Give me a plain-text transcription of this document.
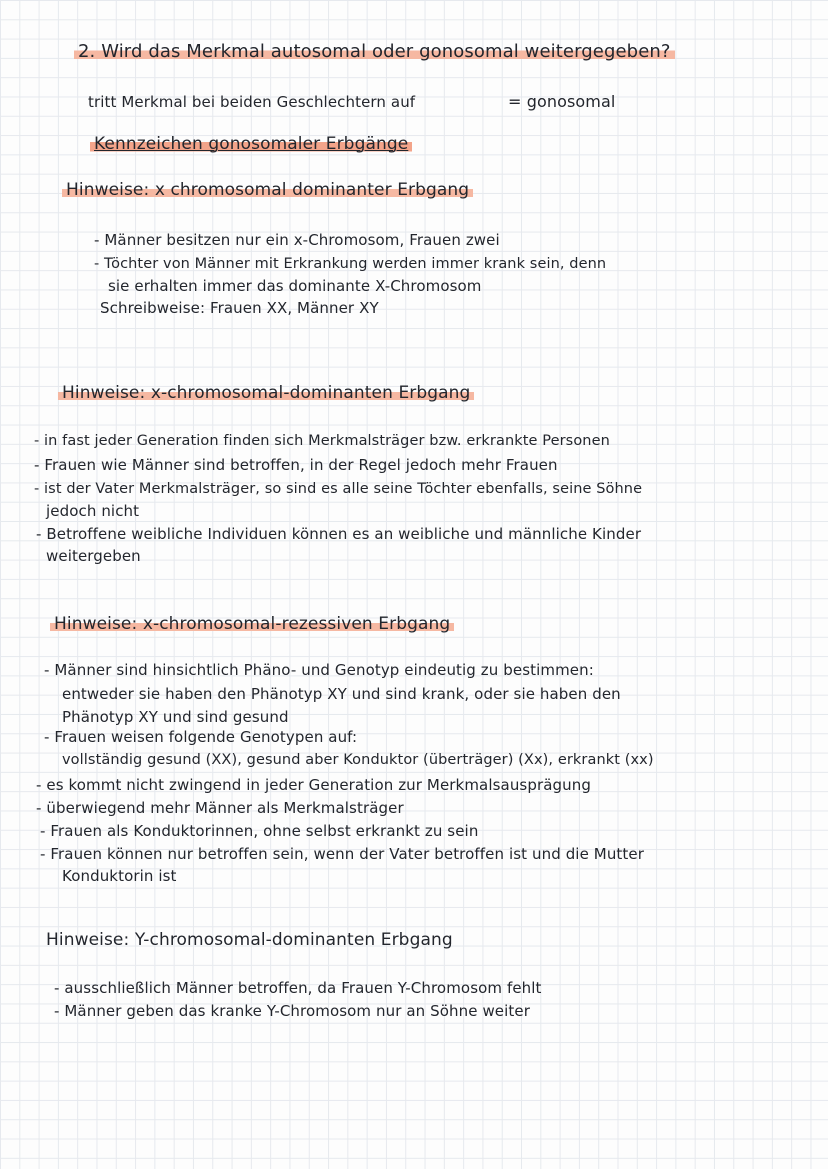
2. Wird das Merkmal autosomal oder gonosomal weitergegeben?
tritt Merkmal bei beiden Geschlechtern auf	= gonosomal
Kennzeichen gonosomaler Erbgänge
Hinweise: x chromosomal dominanter Erbgang
- Männer besitzen nur ein x-Chromosom, Frauen zwei
- Töchter von Männer mit Erkrankung werden immer krank sein, denn
sie erhalten immer das dominante X-Chromosom
Schreibweise: Frauen XX, Männer XY
Hinweise: x-chromosomal-dominanten Erbgang
- in fast jeder Generation finden sich Merkmalsträger bzw. erkrankte Personen
- Frauen wie Männer sind betroffen, in der Regel jedoch mehr Frauen
- ist der Vater Merkmalsträger, so sind es alle seine Töchter ebenfalls, seine Söhne
jedoch nicht
- Betroffene weibliche Individuen können es an weibliche und männliche Kinder
weitergeben
Hinweise: x-chromosomal-rezessiven Erbgang
- Männer sind hinsichtlich Phäno- und Genotyp eindeutig zu bestimmen:
entweder sie haben den Phänotyp XY und sind krank, oder sie haben den
Phänotyp XY und sind gesund
- Frauen weisen folgende Genotypen auf:
vollständig gesund (XX), gesund aber Konduktor (überträger) (Xx), erkrankt (xx)
- es kommt nicht zwingend in jeder Generation zur Merkmalsausprägung
- überwiegend mehr Männer als Merkmalsträger
- Frauen als Konduktorinnen, ohne selbst erkrankt zu sein
- Frauen können nur betroffen sein, wenn der Vater betroffen ist und die Mutter
Konduktorin ist
Hinweise: Y-chromosomal-dominanten Erbgang
- ausschließlich Männer betroffen, da Frauen Y-Chromosom fehlt
- Männer geben das kranke Y-Chromosom nur an Söhne weiter
